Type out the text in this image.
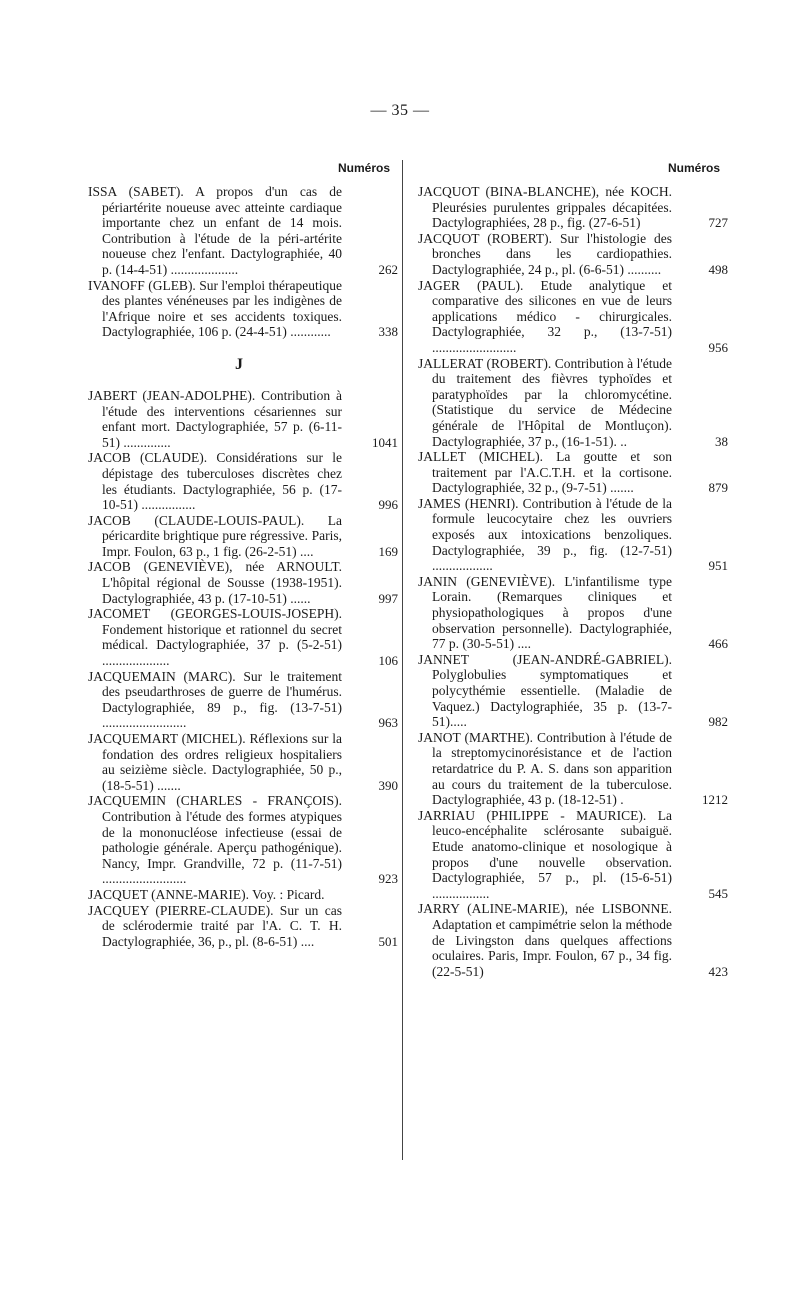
— 35 —
Numéros
ISSA (SABET). A propos d'un cas de périartérite noueuse avec atteinte cardiaque importante chez un enfant de 14 mois. Contribution à l'étude de la péri-artérite noueuse chez l'enfant. Dactylographiée, 40 p. (14-4-51) ....................	262
IVANOFF (GLEB). Sur l'emploi thérapeutique des plantes vénéneuses par les indigènes de l'Afrique noire et ses accidents toxiques. Dactylographiée, 106 p. (24-4-51) ............	338
J
JABERT (JEAN-ADOLPHE). Contribution à l'étude des interventions césariennes sur enfant mort. Dactylographiée, 57 p. (6-11-51) ..............	1041
JACOB (CLAUDE). Considérations sur le dépistage des tuberculoses discrètes chez les étudiants. Dactylographiée, 56 p. (17-10-51) ................	996
JACOB (CLAUDE-LOUIS-PAUL). La péricardite brightique pure régressive. Paris, Impr. Foulon, 63 p., 1 fig. (26-2-51) ....	169
JACOB (GENEVIÈVE), née ARNOULT. L'hôpital régional de Sousse (1938-1951). Dactylographiée, 43 p. (17-10-51) ......	997
JACOMET (GEORGES-LOUIS-JOSEPH). Fondement historique et rationnel du secret médical. Dactylographiée, 37 p. (5-2-51) ....................	106
JACQUEMAIN (MARC). Sur le traitement des pseudarthroses de guerre de l'humérus. Dactylographiée, 89 p., fig. (13-7-51) .........................	963
JACQUEMART (MICHEL). Réflexions sur la fondation des ordres religieux hospitaliers au seizième siècle. Dactylographiée, 50 p., (18-5-51) .......	390
JACQUEMIN (CHARLES - FRANÇOIS). Contribution à l'étude des formes atypiques de la mononucléose infectieuse (essai de pathologie générale. Aperçu pathogénique). Nancy, Impr. Grandville, 72 p. (11-7-51) .........................	923
JACQUET (ANNE-MARIE). Voy. : Picard.
JACQUEY (PIERRE-CLAUDE). Sur un cas de sclérodermie traité par l'A. C. T. H. Dactylographiée, 36, p., pl. (8-6-51) ....	501
Numéros
JACQUOT (BINA-BLANCHE), née KOCH. Pleurésies purulentes grippales décapitées. Dactylographiées, 28 p., fig. (27-6-51)	727
JACQUOT (ROBERT). Sur l'histologie des bronches dans les cardiopathies. Dactylographiée, 24 p., pl. (6-6-51) ..........	498
JAGER (PAUL). Etude analytique et comparative des silicones en vue de leurs applications médico - chirurgicales. Dactylographiée, 32 p., (13-7-51) .........................	956
JALLERAT (ROBERT). Contribution à l'étude du traitement des fièvres typhoïdes et paratyphoïdes par la chloromycétine. (Statistique du service de Médecine générale de l'Hôpital de Montluçon). Dactylographiée, 37 p., (16-1-51). ..	38
JALLET (MICHEL). La goutte et son traitement par l'A.C.T.H. et la cortisone. Dactylographiée, 32 p., (9-7-51) .......	879
JAMES (HENRI). Contribution à l'étude de la formule leucocytaire chez les ouvriers exposés aux intoxications benzoliques. Dactylographiée, 39 p., fig. (12-7-51) ..................	951
JANIN (GENEVIÈVE). L'infantilisme type Lorain. (Remarques cliniques et physiopathologiques à propos d'une observation personnelle). Dactylographiée, 77 p. (30-5-51) ....	466
JANNET (JEAN-ANDRÉ-GABRIEL). Polyglobulies symptomatiques et polycythémie essentielle. (Maladie de Vaquez.) Dactylographiée, 35 p. (13-7-51).....	982
JANOT (MARTHE). Contribution à l'étude de la streptomycinorésistance et de l'action retardatrice du P. A. S. dans son apparition au cours du traitement de la tuberculose. Dactylographiée, 43 p. (18-12-51) .	1212
JARRIAU (PHILIPPE - MAURICE). La leuco-encéphalite sclérosante subaiguë. Etude anatomo-clinique et nosologique à propos d'une nouvelle observation. Dactylographiée, 57 p., pl. (15-6-51) .................	545
JARRY (ALINE-MARIE), née LISBONNE. Adaptation et campimétrie selon la méthode de Livingston dans quelques affections oculaires. Paris, Impr. Foulon, 67 p., 34 fig. (22-5-51)	423
